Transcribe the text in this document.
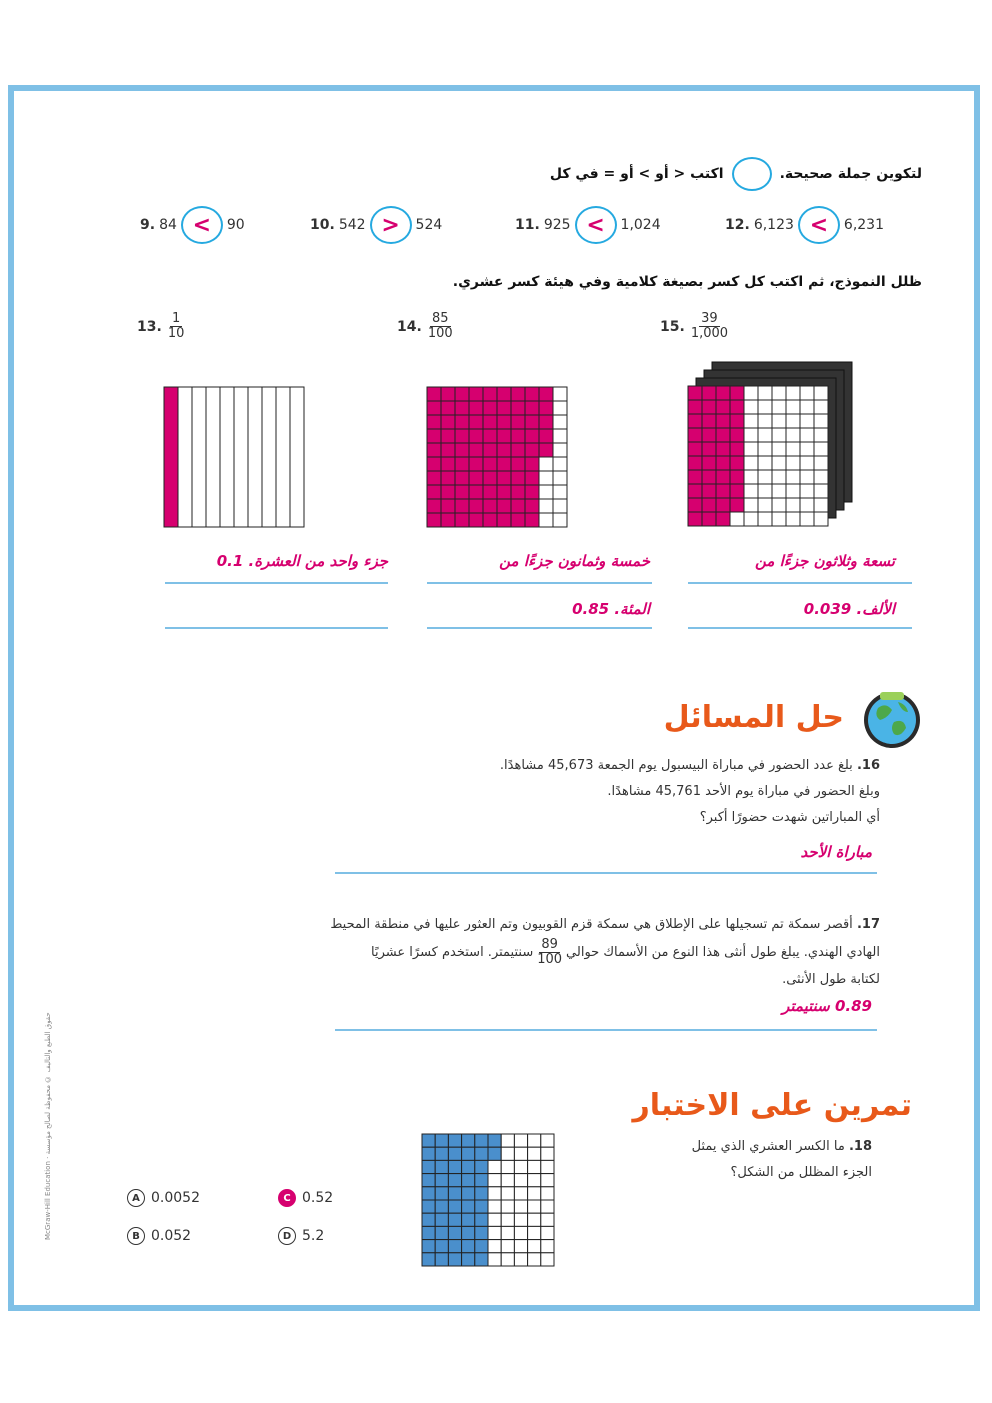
اكتب < أو > أو = في كل	لتكوين جملة صحيحة.
9. 84 <	90	10. 542 >	524	11. 925 <	1,024	12. 6,123 <	6,231
ظلل النموذج، ثم اكتب كل كسر بصيغة كلامية وفي هيئة كسر عشري.
13. $\frac{1}{10}$	14. $\frac{85}{100}$	15. $\frac{39}{1,000}$
جزء واحد من العشرة. 0.1	خمسة وثمانون جزءًا من
المئة. 0.85
تسعة وثلاثون جزءًا من
الألف. 0.039
حل المسائل
16. بلغ عدد الحضور في مباراة البيسبول يوم الجمعة 45,673 مشاهدًا.
وبلغ الحضور في مباراة يوم الأحد 45,761 مشاهدًا.
أي المباراتين شهدت حضورًا أكبر؟
مباراة الأحد
17. أقصر سمكة تم تسجيلها على الإطلاق هي سمكة قزم القوبيون وتم العثور عليها في منطقة المحيط
الهادي الهندي. يبلغ طول أنثى هذا النوع من الأسماك حوالي
$\frac{89}{100}$
سنتيمتر. استخدم كسرًا عشريًا
لكتابة طول الأنثى.
0.89 سنتيمتر
تمرين على الاختبار
18. ما الكسر العشري الذي يمثل
الجزء المظلل من الشكل؟
A 0.0052	C 0.52
B 0.052	D 5.2
McGraw-Hill Education · حقوق الطبع والتأليف © محفوظة لصالح مؤسسة
